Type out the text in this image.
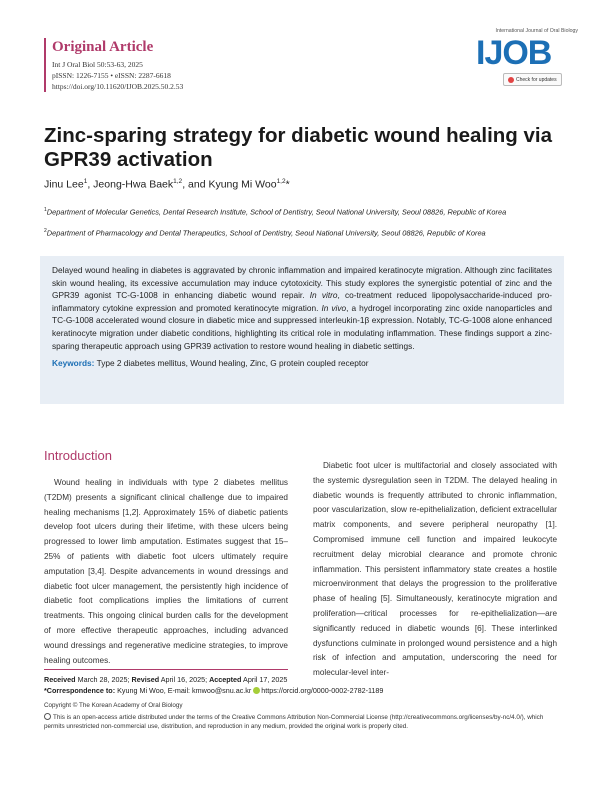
Original Article
Int J Oral Biol 50:53-63, 2025
pISSN: 1226-7155 • eISSN: 2287-6618
https://doi.org/10.11620/IJOB.2025.50.2.53
International Journal of Oral Biology
IJOB
Check for updates
Zinc-sparing strategy for diabetic wound healing via GPR39 activation
Jinu Lee$^1$, Jeong-Hwa Baek$^{1,2}$, and Kyung Mi Woo$^{1,2}$*
$^1$Department of Molecular Genetics, Dental Research Institute, School of Dentistry, Seoul National University, Seoul 08826, Republic of Korea
$^2$Department of Pharmacology and Dental Therapeutics, School of Dentistry, Seoul National University, Seoul 08826, Republic of Korea
Delayed wound healing in diabetes is aggravated by chronic inflammation and impaired keratinocyte migration. Although zinc facilitates skin wound healing, its excessive accumulation may induce cytotoxicity. This study explores the synergistic potential of zinc and the GPR39 agonist TC-G-1008 in enhancing diabetic wound repair. In vitro, co-treatment reduced lipopolysaccharide-induced pro-inflammatory cytokine expression and promoted keratinocyte migration. In vivo, a hydrogel incorporating zinc oxide nanoparticles and TC-G-1008 accelerated wound closure in diabetic mice and suppressed interleukin-1β expression. Notably, TC-G-1008 alone enhanced keratinocyte migration under diabetic conditions, highlighting its critical role in modulating inflammation. These findings support a zinc-sparing therapeutic approach using GPR39 activation to restore wound healing in diabetic settings.
Keywords: Type 2 diabetes mellitus, Wound healing, Zinc, G protein coupled receptor
Introduction
Wound healing in individuals with type 2 diabetes mellitus (T2DM) presents a significant clinical challenge due to impaired healing mechanisms [1,2]. Approximately 15% of diabetic patients develop foot ulcers during their lifetime, with these ulcers being progressed to lower limb amputation. Estimates suggest that 15–25% of patients with diabetic foot ulcers ultimately require amputation [3,4]. Despite advancements in wound dressings and diabetic foot ulcer management, the persistently high incidence of diabetic foot complications implies the limitations of current treatments. This ongoing clinical burden calls for the development of more effective therapeutic approaches, including advanced wound dressings and regenerative medicine strategies, to improve healing outcomes.
Diabetic foot ulcer is multifactorial and closely associated with the systemic dysregulation seen in T2DM. The delayed healing in diabetic wounds is frequently attributed to chronic inflammation, poor vascularization, slow re-epithelialization, deficient extracellular matrix components, and severe peripheral neuropathy [1]. Compromised immune cell function and impaired leukocyte recruitment delay microbial clearance and promote chronic inflammation. This persistent inflammatory state creates a hostile microenvironment that delays the progression to the proliferative phase of healing [5]. Simultaneously, keratinocyte migration and proliferation—critical processes for re-epithelialization—are significantly reduced in diabetic wounds [6]. These interlinked dysfunctions culminate in prolonged wound persistence and a high risk of infection and amputation, underscoring the need for molecular-level inter-
Received March 28, 2025; Revised April 16, 2025; Accepted April 17, 2025
*Correspondence to: Kyung Mi Woo, E-mail: kmwoo@snu.ac.kr https://orcid.org/0000-0002-2782-1189
Copyright © The Korean Academy of Oral Biology
This is an open-access article distributed under the terms of the Creative Commons Attribution Non-Commercial License (http://creativecommons.org/licenses/by-nc/4.0/), which permits unrestricted non-commercial use, distribution, and reproduction in any medium, provided the original work is properly cited.
